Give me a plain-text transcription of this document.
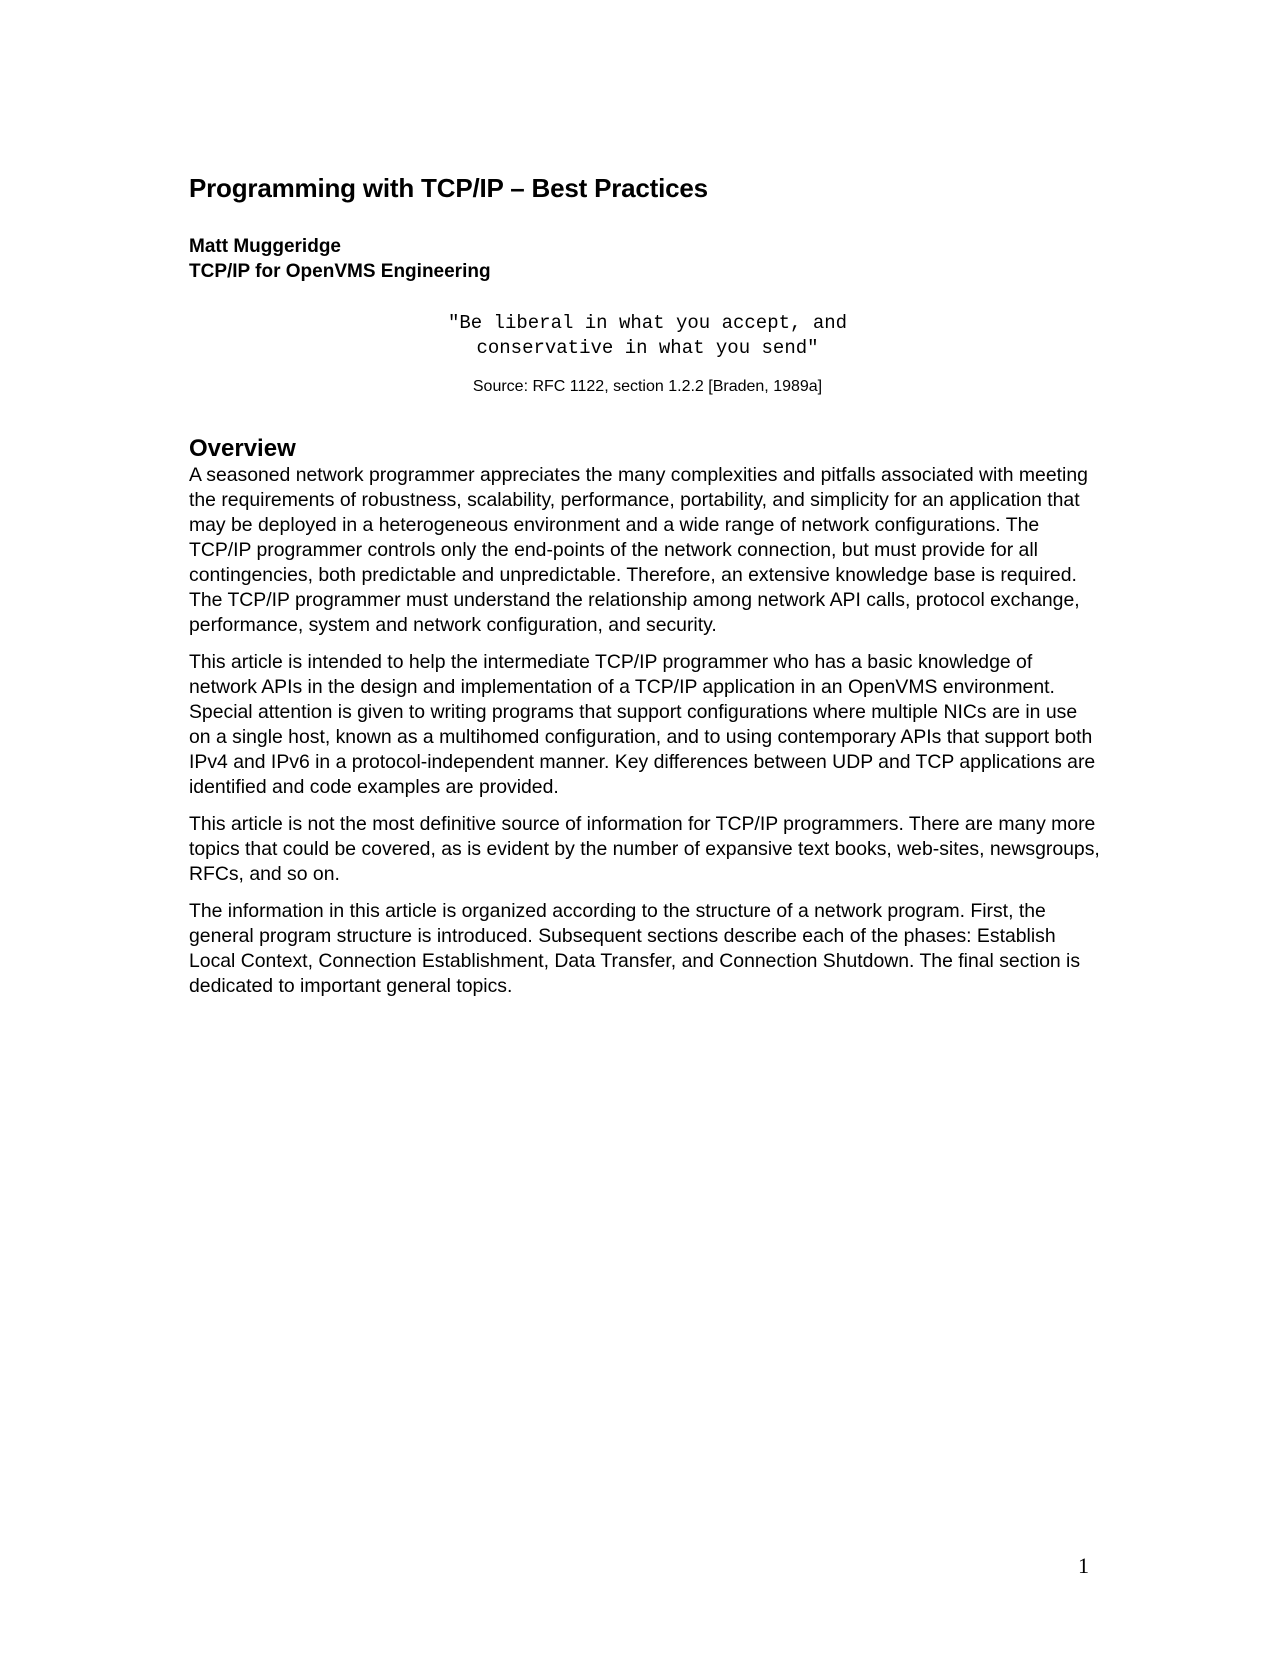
Programming with TCP/IP – Best Practices
Matt Muggeridge
TCP/IP for OpenVMS Engineering
"Be liberal in what you accept, and
conservative in what you send"
Source: RFC 1122, section 1.2.2 [Braden, 1989a]
Overview

A seasoned network programmer appreciates the many complexities and pitfalls associated with meeting the requirements of robustness, scalability, performance, portability, and simplicity for an application that may be deployed in a heterogeneous environment and a wide range of network configurations. The TCP/IP programmer controls only the end-points of the network connection, but must provide for all contingencies, both predictable and unpredictable. Therefore, an extensive knowledge base is required. The TCP/IP programmer must understand the relationship among network API calls, protocol exchange, performance, system and network configuration, and security.

This article is intended to help the intermediate TCP/IP programmer who has a basic knowledge of network APIs in the design and implementation of a TCP/IP application in an OpenVMS environment. Special attention is given to writing programs that support configurations where multiple NICs are in use on a single host, known as a multihomed configuration, and to using contemporary APIs that support both IPv4 and IPv6 in a protocol-independent manner. Key differences between UDP and TCP applications are identified and code examples are provided.

This article is not the most definitive source of information for TCP/IP programmers. There are many more topics that could be covered, as is evident by the number of expansive text books, web-sites, newsgroups, RFCs, and so on.

The information in this article is organized according to the structure of a network program. First, the general program structure is introduced. Subsequent sections describe each of the phases: Establish Local Context, Connection Establishment, Data Transfer, and Connection Shutdown. The final section is dedicated to important general topics.

1
